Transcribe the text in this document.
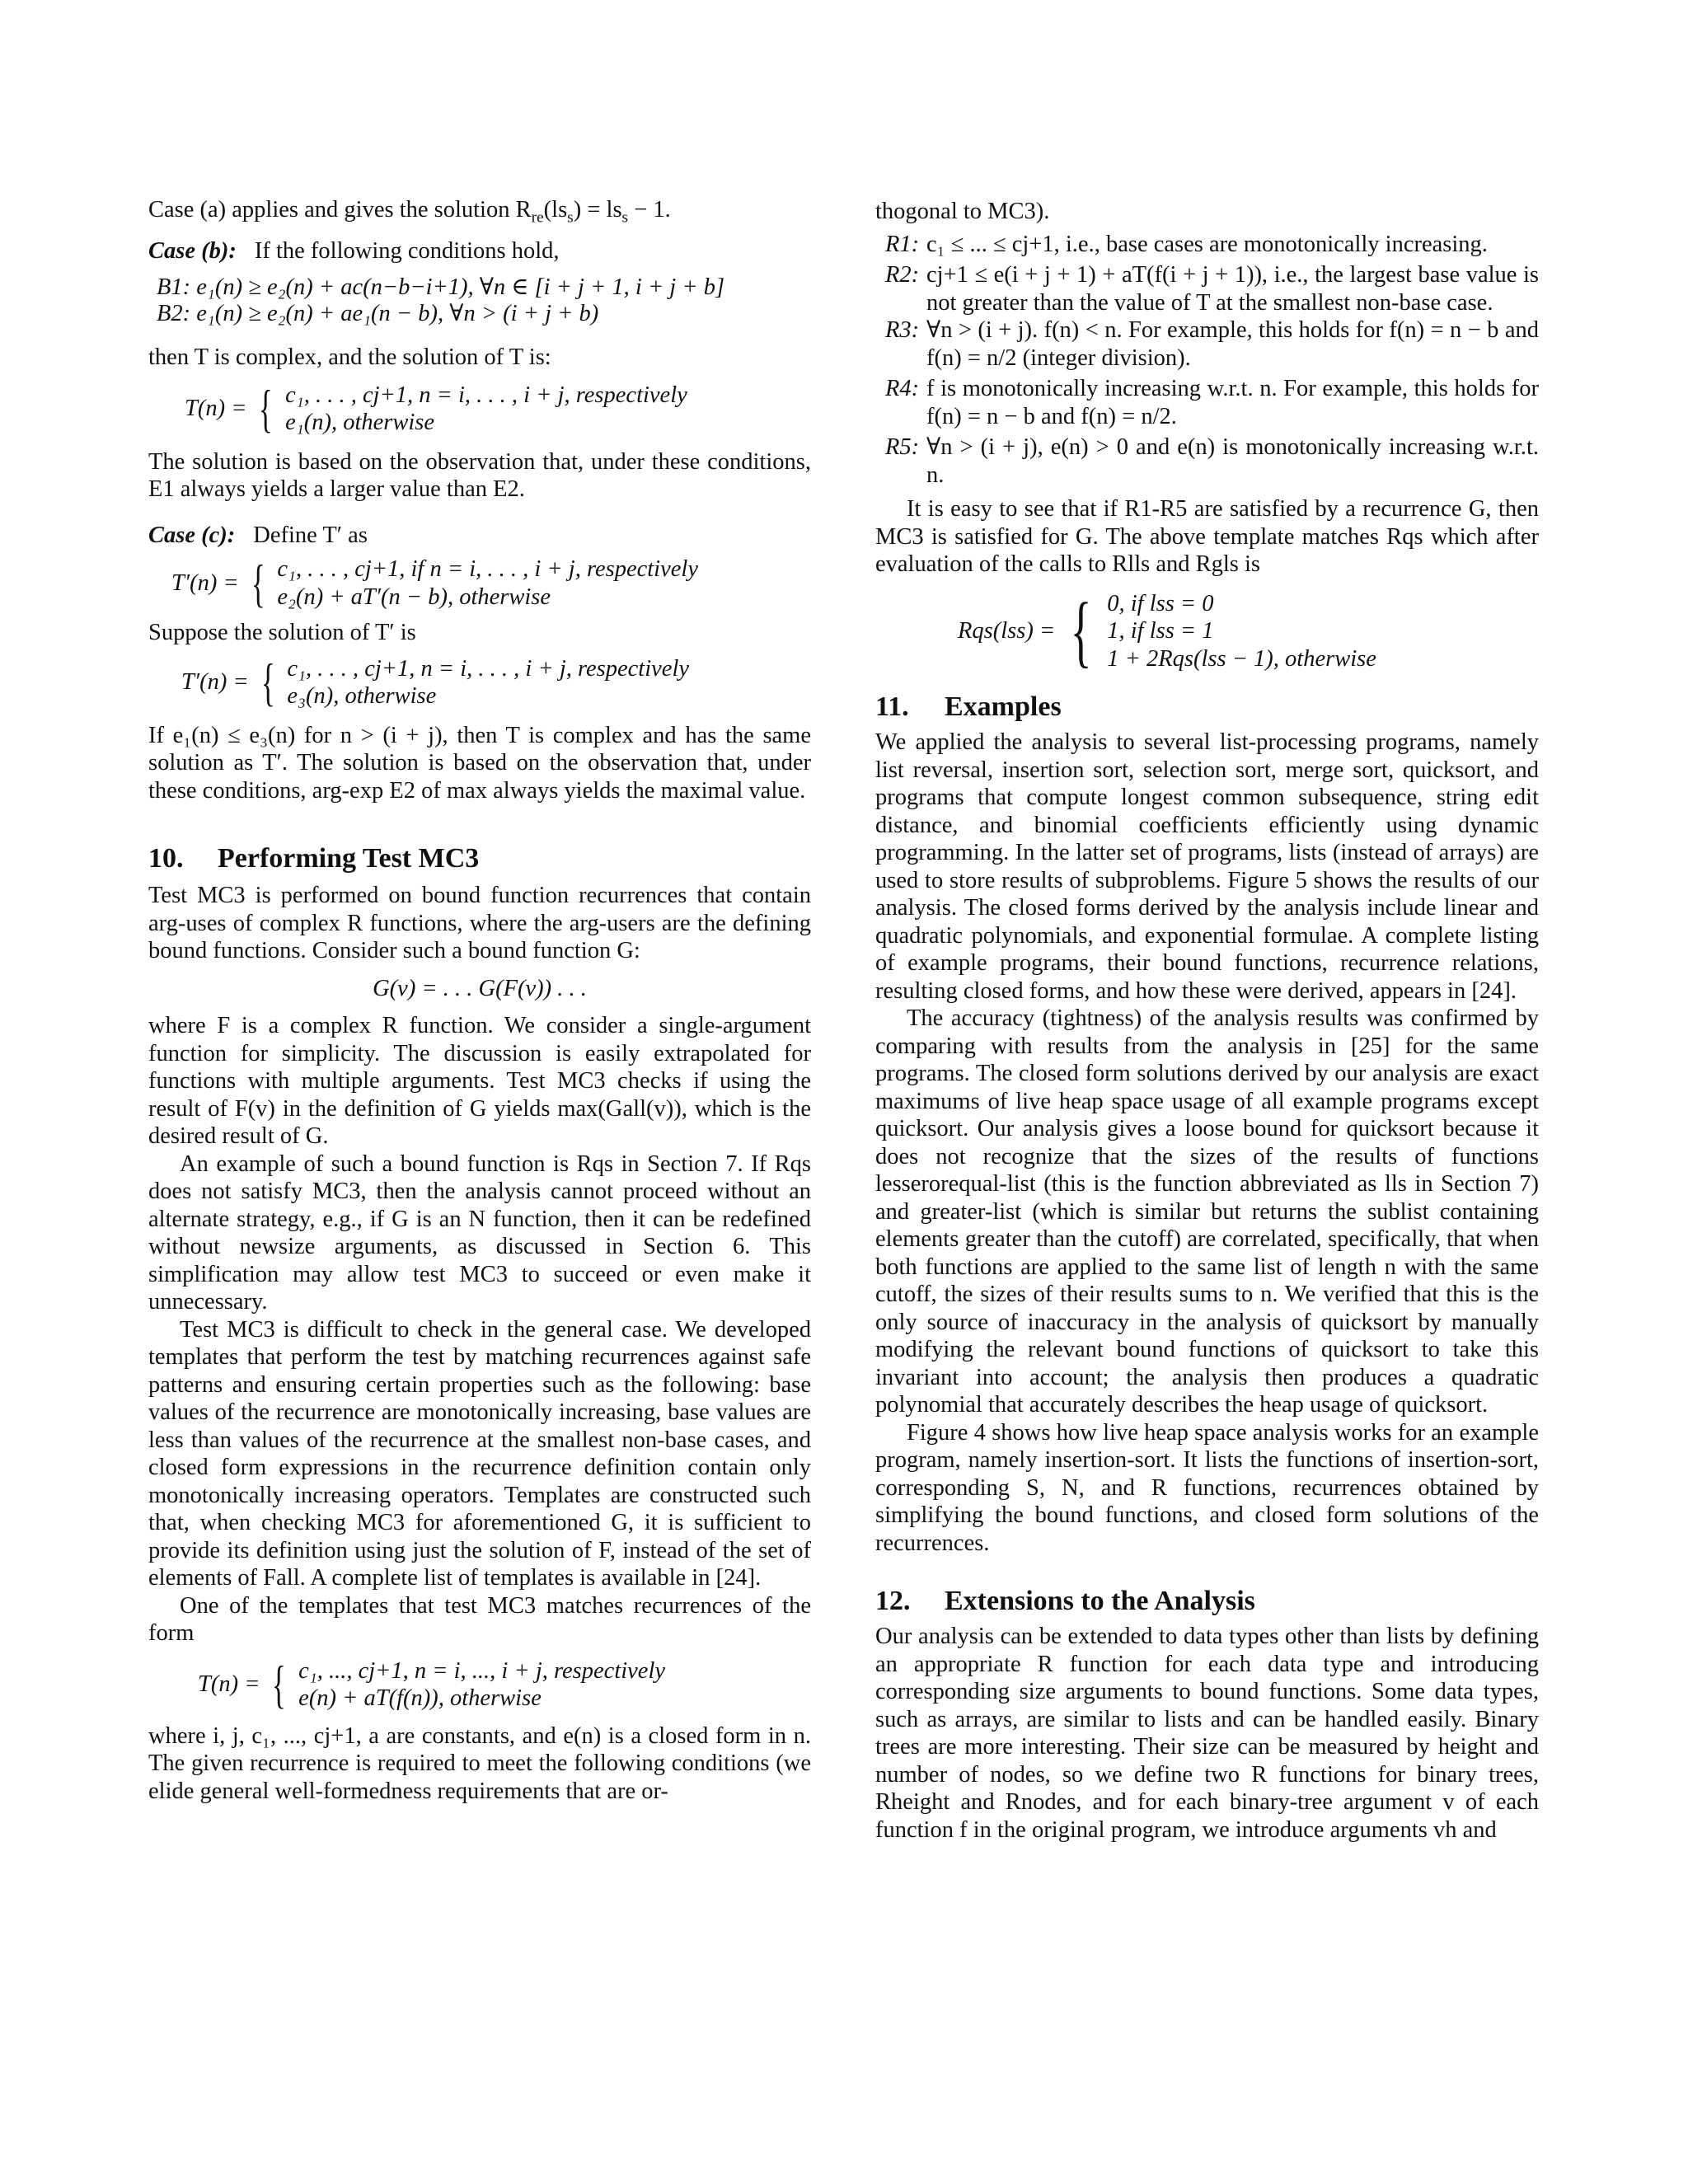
Case (a) applies and gives the solution $R_{re}(ls_s) = ls_s - 1$.

Case (b): If the following conditions hold,

B1: e₁(n) ≥ e₂(n) + ac(n−b−i+1), ∀n ∈ [i + j + 1, i + j + b]
B2: e₁(n) ≥ e₂(n) + ae₁(n − b), ∀n > (i + j + b)

then T is complex, and the solution of T is:

T(n) = { c₁, . . . , cj+1, n = i, . . . , i + j, respectively
e₁(n), otherwise

The solution is based on the observation that, under these conditions, E1 always yields a larger value than E2.

Case (c): Define T′ as

T′(n) = { c₁, . . . , cj+1, if n = i, . . . , i + j, respectively
e₂(n) + aT′(n − b), otherwise

Suppose the solution of T′ is

T′(n) = { c₁, . . . , cj+1, n = i, . . . , i + j, respectively
e₃(n), otherwise

If e₁(n) ≤ e₃(n) for n > (i + j), then T is complex and has the same solution as T′. The solution is based on the observation that, under these conditions, arg-exp E2 of max always yields the maximal value.

10. Performing Test MC3

Test MC3 is performed on bound function recurrences that contain arg-uses of complex R functions, where the arg-users are the defining bound functions. Consider such a bound function G:

G(v) = . . . G(F(v)) . . .

where F is a complex R function. We consider a single-argument function for simplicity. The discussion is easily extrapolated for functions with multiple arguments. Test MC3 checks if using the result of F(v) in the definition of G yields max(Gall(v)), which is the desired result of G.

An example of such a bound function is Rqs in Section 7. If Rqs does not satisfy MC3, then the analysis cannot proceed without an alternate strategy, e.g., if G is an N function, then it can be redefined without newsize arguments, as discussed in Section 6. This simplification may allow test MC3 to succeed or even make it unnecessary.

Test MC3 is difficult to check in the general case. We developed templates that perform the test by matching recurrences against safe patterns and ensuring certain properties such as the following: base values of the recurrence are monotonically increasing, base values are less than values of the recurrence at the smallest non-base cases, and closed form expressions in the recurrence definition contain only monotonically increasing operators. Templates are constructed such that, when checking MC3 for aforementioned G, it is sufficient to provide its definition using just the solution of F, instead of the set of elements of Fall. A complete list of templates is available in [24].

One of the templates that test MC3 matches recurrences of the form

T(n) = { c₁, ..., cj+1, n = i, ..., i + j, respectively
e(n) + aT(f(n)), otherwise

where i, j, c₁, ..., cj+1, a are constants, and e(n) is a closed form in n. The given recurrence is required to meet the following conditions (we elide general well-formedness requirements that are or-

thogonal to MC3).

R1: c₁ ≤ ... ≤ cj+1, i.e., base cases are monotonically increasing.
R2: cj+1 ≤ e(i + j + 1) + aT(f(i + j + 1)), i.e., the largest base value is not greater than the value of T at the smallest non-base case.
R3: ∀n > (i + j). f(n) < n. For example, this holds for f(n) = n − b and f(n) = n/2 (integer division).
R4: f is monotonically increasing w.r.t. n. For example, this holds for f(n) = n − b and f(n) = n/2.
R5: ∀n > (i + j), e(n) > 0 and e(n) is monotonically increasing w.r.t. n.

It is easy to see that if R1-R5 are satisfied by a recurrence G, then MC3 is satisfied for G. The above template matches Rqs which after evaluation of the calls to Rlls and Rgls is

Rqs(lss) = { 0, if lss = 0
1, if lss = 1
1 + 2Rqs(lss − 1), otherwise
11. Examples

We applied the analysis to several list-processing programs, namely list reversal, insertion sort, selection sort, merge sort, quicksort, and programs that compute longest common subsequence, string edit distance, and binomial coefficients efficiently using dynamic programming. In the latter set of programs, lists (instead of arrays) are used to store results of subproblems. Figure 5 shows the results of our analysis. The closed forms derived by the analysis include linear and quadratic polynomials, and exponential formulae. A complete listing of example programs, their bound functions, recurrence relations, resulting closed forms, and how these were derived, appears in [24].

The accuracy (tightness) of the analysis results was confirmed by comparing with results from the analysis in [25] for the same programs. The closed form solutions derived by our analysis are exact maximums of live heap space usage of all example programs except quicksort. Our analysis gives a loose bound for quicksort because it does not recognize that the sizes of the results of functions lesserorequal-list (this is the function abbreviated as lls in Section 7) and greater-list (which is similar but returns the sublist containing elements greater than the cutoff) are correlated, specifically, that when both functions are applied to the same list of length n with the same cutoff, the sizes of their results sums to n. We verified that this is the only source of inaccuracy in the analysis of quicksort by manually modifying the relevant bound functions of quicksort to take this invariant into account; the analysis then produces a quadratic polynomial that accurately describes the heap usage of quicksort.

Figure 4 shows how live heap space analysis works for an example program, namely insertion-sort. It lists the functions of insertion-sort, corresponding S, N, and R functions, recurrences obtained by simplifying the bound functions, and closed form solutions of the recurrences.

12. Extensions to the Analysis

Our analysis can be extended to data types other than lists by defining an appropriate R function for each data type and introducing corresponding size arguments to bound functions. Some data types, such as arrays, are similar to lists and can be handled easily. Binary trees are more interesting. Their size can be measured by height and number of nodes, so we define two R functions for binary trees, Rheight and Rnodes, and for each binary-tree argument v of each function f in the original program, we introduce arguments vh and
